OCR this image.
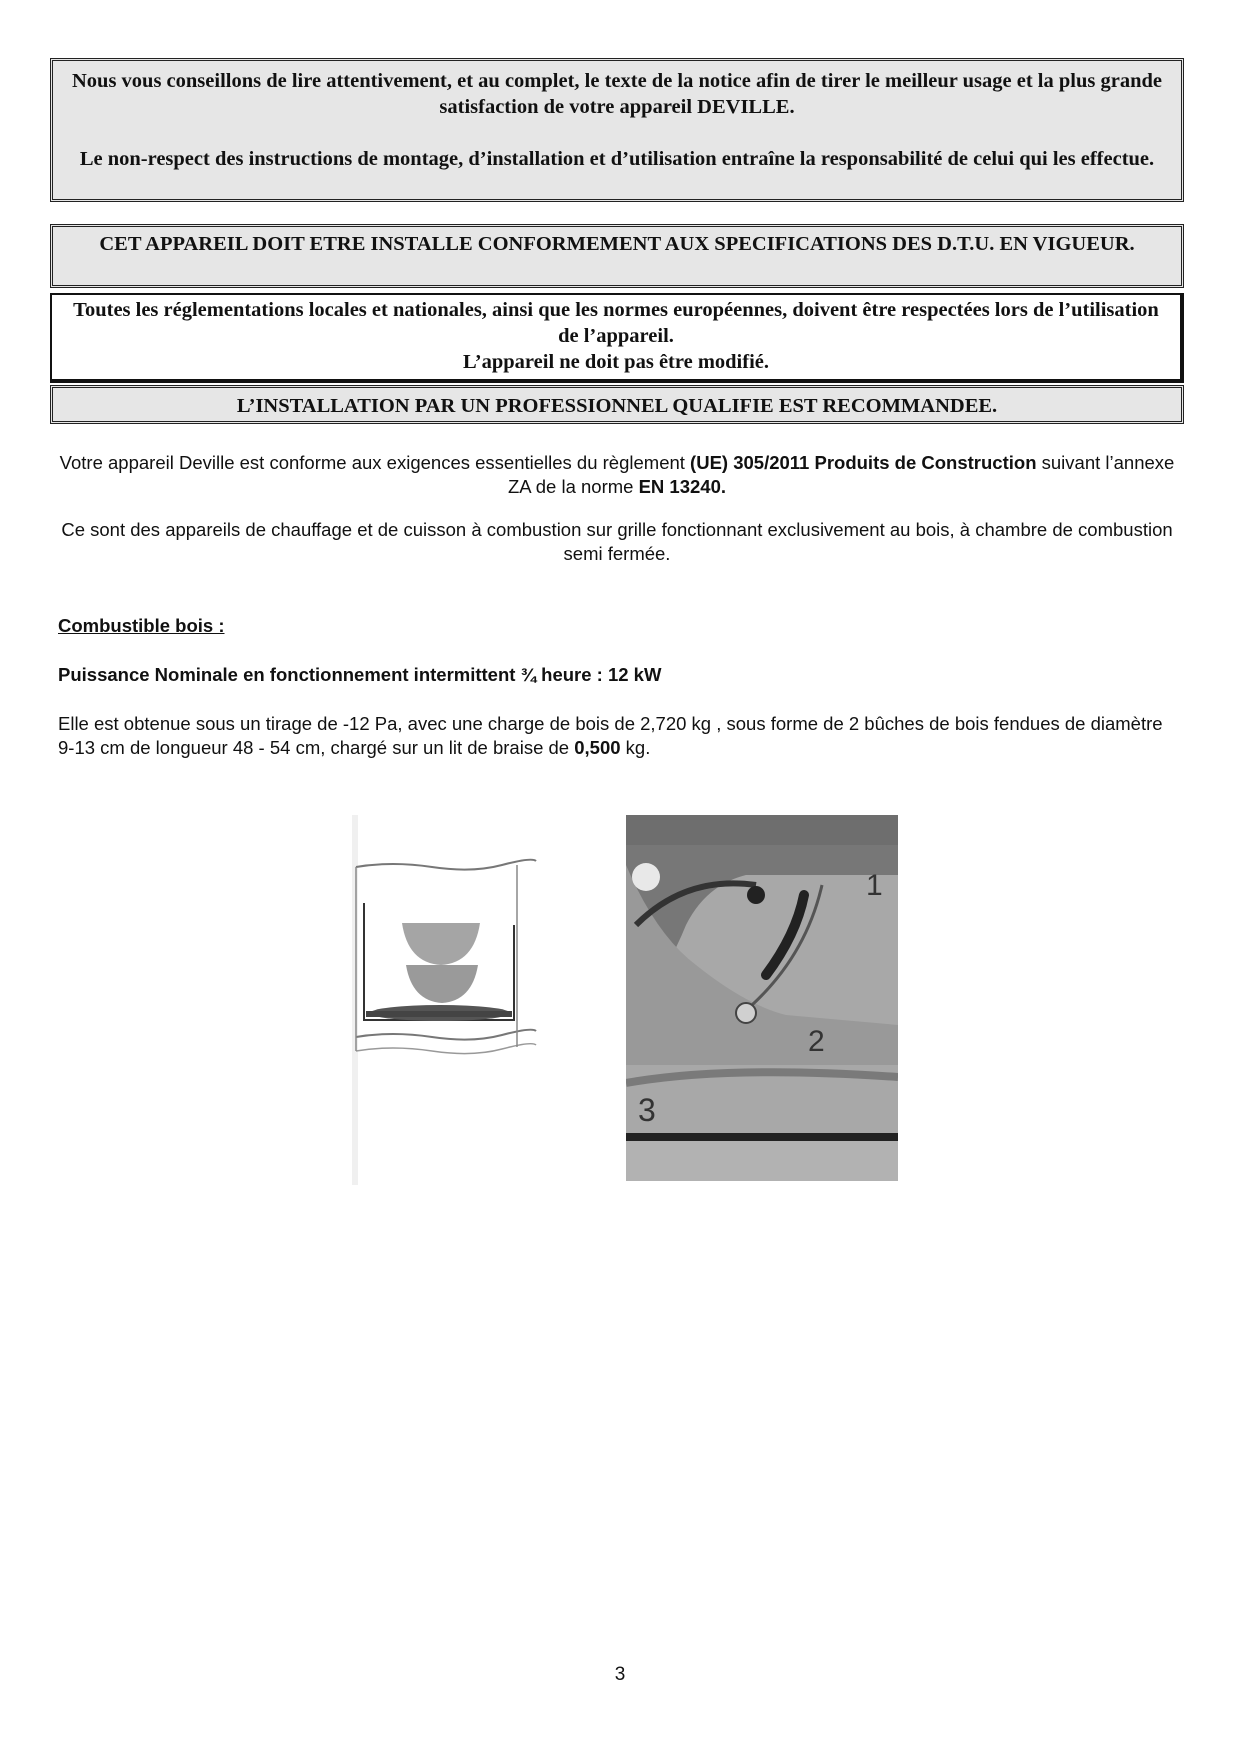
Nous vous conseillons de lire attentivement, et au complet, le texte de la notice afin de tirer le meilleur usage et la plus grande satisfaction de votre appareil DEVILLE.

Le non-respect des instructions de montage, d’installation et d’utilisation entraîne la responsabilité de celui qui les effectue.

CET APPAREIL DOIT ETRE INSTALLE CONFORMEMENT AUX SPECIFICATIONS DES D.T.U. EN VIGUEUR.

Toutes les réglementations locales et nationales, ainsi que les normes européennes, doivent être respectées lors de l’utilisation de l’appareil.

L’appareil ne doit pas être modifié.

L’INSTALLATION PAR UN PROFESSIONNEL QUALIFIE EST RECOMMANDEE.

Votre appareil Deville est conforme aux exigences essentielles du règlement (UE) 305/2011 Produits de Construction suivant l’annexe ZA de la norme EN 13240.

Ce sont des appareils de chauffage et de cuisson à combustion sur grille fonctionnant exclusivement au bois, à chambre de combustion semi fermée.

Combustible bois :

Puissance Nominale en fonctionnement intermittent ¾ heure : 12 kW

Elle est obtenue sous un tirage de -12 Pa, avec une charge de bois de 2,720 kg , sous forme de 2 bûches de bois fendues de diamètre 9-13 cm de longueur 48 - 54 cm, chargé sur un lit de braise de 0,500 kg.

1
2
3
3
